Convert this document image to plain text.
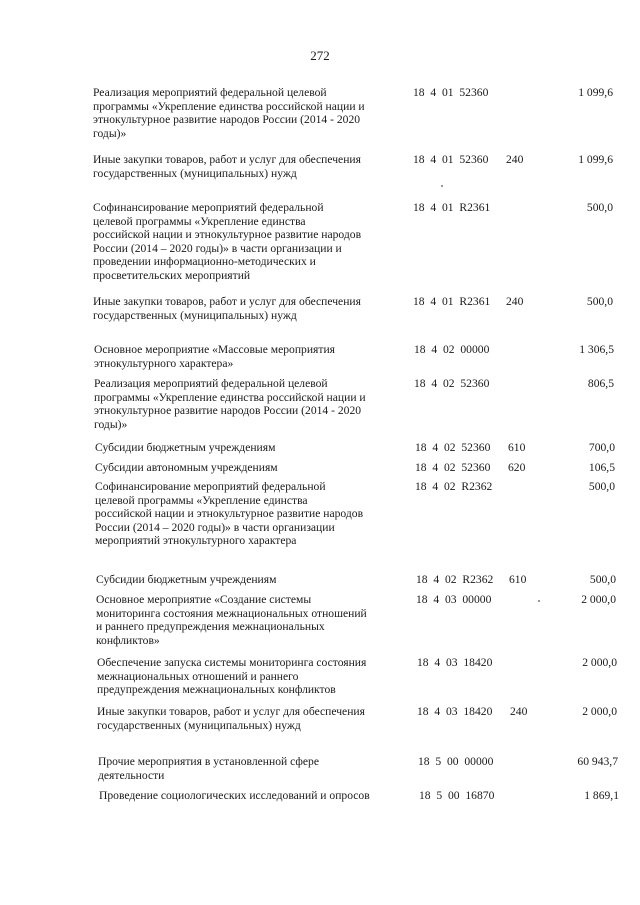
272
Реализация мероприятий федеральной целевой программы «Укрепление единства российской нации и этнокультурное развитие народов России (2014 - 2020 годы)»
18  4  01  52360	1 099,6
Иные закупки товаров, работ и услуг для обеспечения государственных (муниципальных) нужд
18  4  01  52360 240	1 099,6
Софинансирование мероприятий федеральной целевой программы «Укрепление единства российской нации и этнокультурное развитие народов России (2014 – 2020 годы)» в части организации и проведении информационно-методических и просветительских мероприятий
18  4  01  R2361	500,0
Иные закупки товаров, работ и услуг для обеспечения государственных (муниципальных) нужд
18  4  01  R2361 240	500,0
Основное мероприятие «Массовые мероприятия этнокультурного характера»
18  4  02  00000	1 306,5
Реализация мероприятий федеральной целевой программы «Укрепление единства российской нации и этнокультурное развитие народов России (2014 - 2020 годы)»
18  4  02  52360	806,5
Субсидии бюджетным учреждениям	18  4  02  52360 610	700,0
Субсидии автономным учреждениям	18  4  02  52360 620	106,5
Софинансирование мероприятий федеральной целевой программы «Укрепление единства российской нации и этнокультурное развитие народов России (2014 – 2020 годы)» в части организации мероприятий этнокультурного характера
18  4  02  R2362	500,0
Субсидии бюджетным учреждениям	18  4  02  R2362 610	500,0
Основное мероприятие «Создание системы мониторинга состояния межнациональных отношений и раннего предупреждения межнациональных конфликтов»
18  4  03  00000	2 000,0
Обеспечение запуска системы мониторинга состояния межнациональных отношений и раннего предупреждения межнациональных конфликтов
18  4  03  18420	2 000,0
Иные закупки товаров, работ и услуг для обеспечения государственных (муниципальных) нужд
18  4  03  18420 240	2 000,0
Прочие мероприятия в установленной сфере деятельности
18  5  00  00000	60 943,7
Проведение социологических исследований и опросов	18  5  00  16870	1 869,1
